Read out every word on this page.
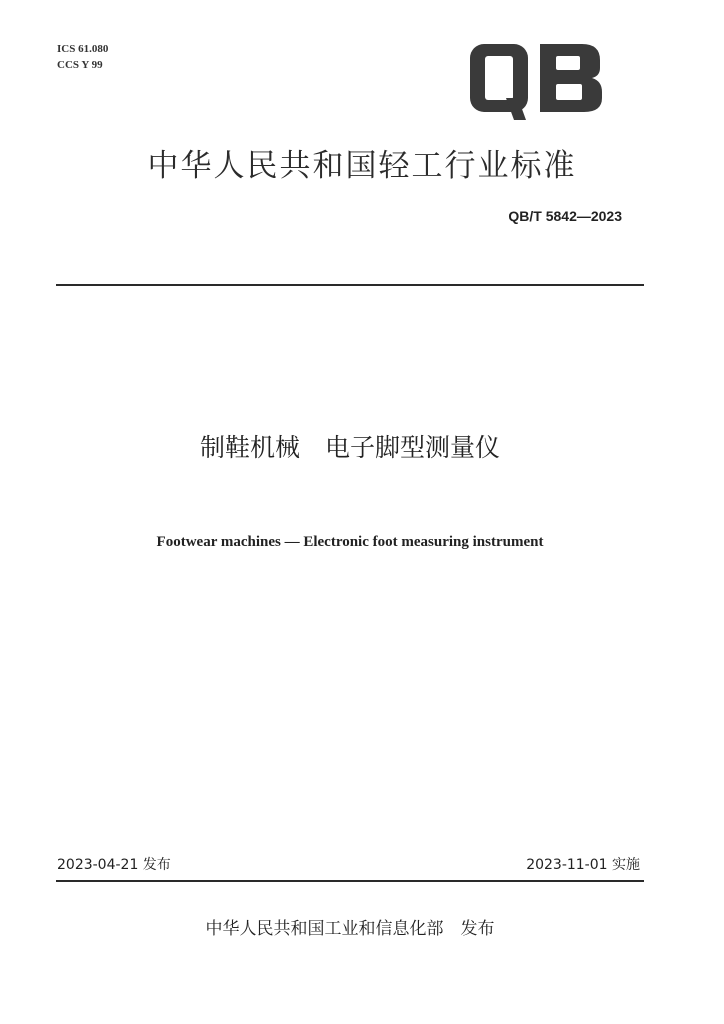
ICS 61.080
CCS Y 99
QB
中华人民共和国轻工行业标准
QB/T 5842—2023
制鞋机械　电子脚型测量仪
Footwear machines — Electronic foot measuring instrument
2023-04-21 发布	2023-11-01 实施
中华人民共和国工业和信息化部　发布
